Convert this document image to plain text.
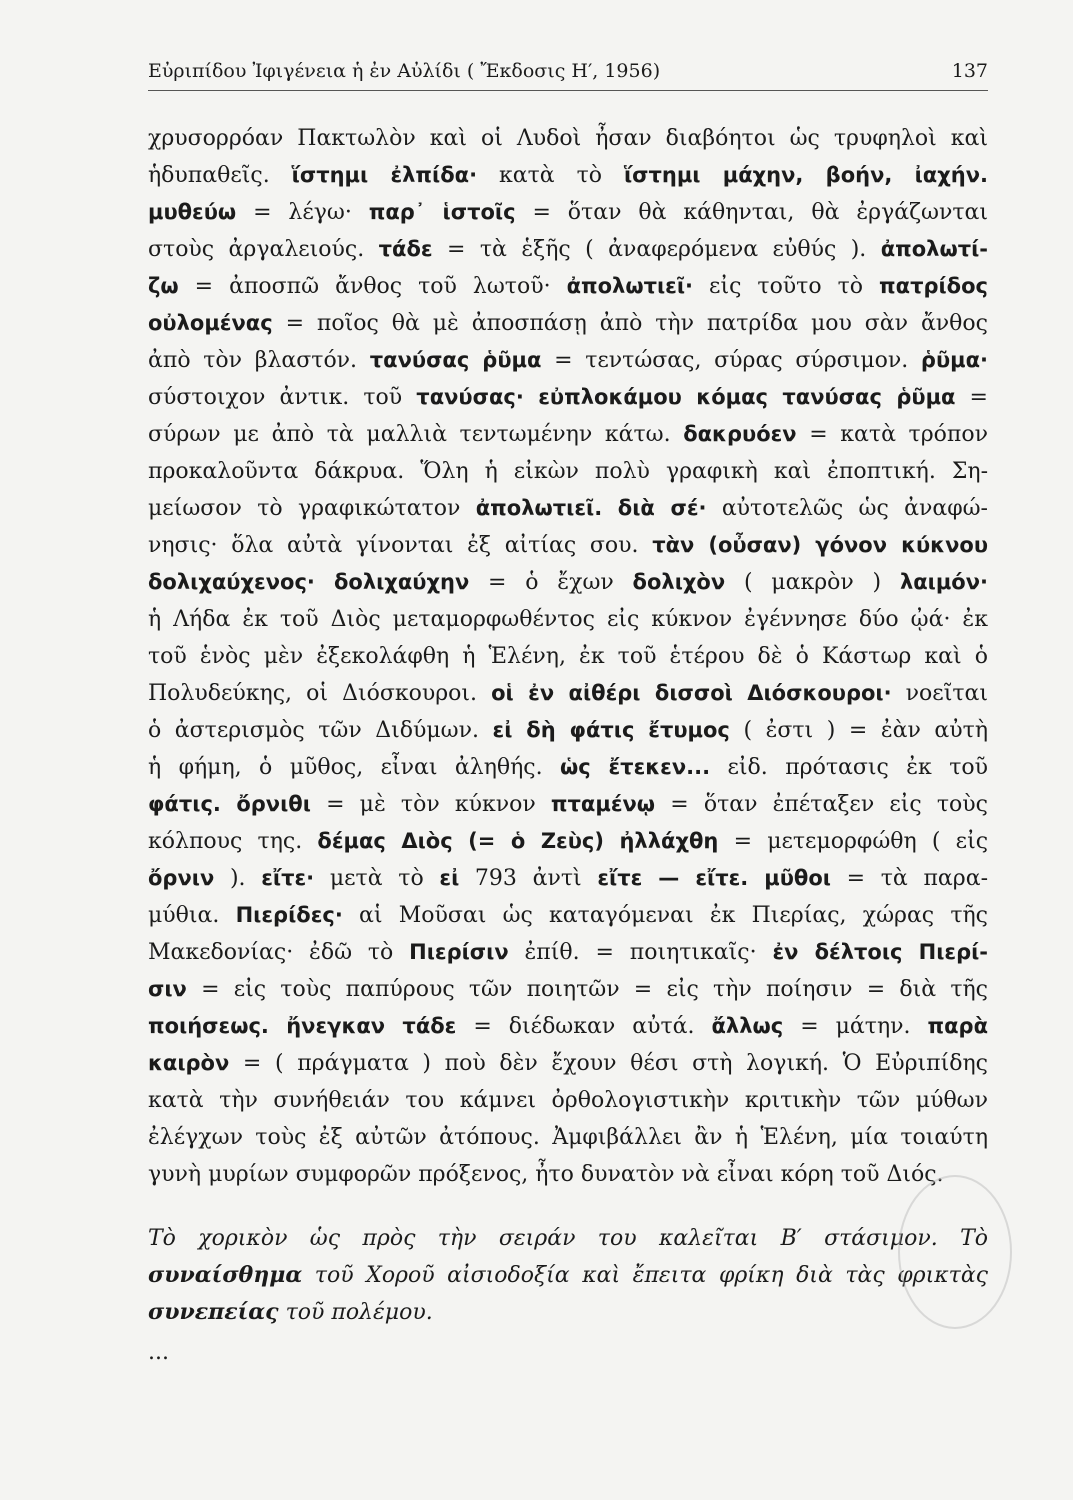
Εὐριπίδου Ἰφιγένεια ἡ ἐν Αὐλίδι ( Ἔκδοσις Η′, 1956)	137
χρυσορρόαν Πακτωλὸν καὶ οἱ Λυδοὶ ἦσαν διαβόητοι ὡς τρυφηλοὶ καὶ
ἡδυπαθεῖς. ἵστημι ἐλπίδα· κατὰ τὸ ἵστημι μάχην, βοήν, ἰαχήν.
μυθεύω = λέγω· παρ᾽ ἱστοῖς = ὅταν θὰ κάθηνται, θὰ ἐργάζωνται
στοὺς ἀργαλειούς. τάδε = τὰ ἑξῆς ( ἀναφερόμενα εὐθύς ). ἀπολωτί-
ζω = ἀποσπῶ ἄνθος τοῦ λωτοῦ· ἀπολωτιεῖ· εἰς τοῦτο τὸ πατρίδος
οὐλομένας = ποῖος θὰ μὲ ἀποσπάσῃ ἀπὸ τὴν πατρίδα μου σὰν ἄνθος
ἀπὸ τὸν βλαστόν. τανύσας ῥῦμα = τεντώσας, σύρας σύρσιμον. ῥῦμα·
σύστοιχον ἀντικ. τοῦ τανύσας· εὐπλοκάμου κόμας τανύσας ῥῦμα =
σύρων με ἀπὸ τὰ μαλλιὰ τεντωμένην κάτω. δακρυόεν = κατὰ τρόπον
προκαλοῦντα δάκρυα. Ὅλη ἡ εἰκὼν πολὺ γραφικὴ καὶ ἐποπτική. Ση-
μείωσον τὸ γραφικώτατον ἀπολωτιεῖ. διὰ σέ· αὐτοτελῶς ὡς ἀναφώ-
νησις· ὅλα αὐτὰ γίνονται ἐξ αἰτίας σου. τὰν (οὖσαν) γόνον κύκνου
δολιχαύχενος· δολιχαύχην = ὁ ἔχων δολιχὸν ( μακρὸν ) λαιμόν·
ἡ Λήδα ἐκ τοῦ Διὸς μεταμορφωθέντος εἰς κύκνον ἐγέννησε δύο ᾠά· ἐκ
τοῦ ἑνὸς μὲν ἐξεκολάφθη ἡ Ἑλένη, ἐκ τοῦ ἑτέρου δὲ ὁ Κάστωρ καὶ ὁ
Πολυδεύκης, οἱ Διόσκουροι. οἱ ἐν αἰθέρι δισσοὶ Διόσκουροι· νοεῖται
ὁ ἀστερισμὸς τῶν Διδύμων. εἰ δὴ φάτις ἔτυμος ( ἐστι ) = ἐὰν αὐτὴ
ἡ φήμη, ὁ μῦθος, εἶναι ἀληθής. ὡς ἔτεκεν... εἰδ. πρότασις ἐκ τοῦ
φάτις. ὄρνιθι = μὲ τὸν κύκνον πταμένῳ = ὅταν ἐπέταξεν εἰς τοὺς
κόλπους της. δέμας Διὸς (= ὁ Ζεὺς) ἠλλάχθη = μετεμορφώθη ( εἰς
ὄρνιν ). εἴτε· μετὰ τὸ εἰ 793 ἀντὶ εἴτε — εἴτε. μῦθοι = τὰ παρα-
μύθια. Πιερίδες· αἱ Μοῦσαι ὡς καταγόμεναι ἐκ Πιερίας, χώρας τῆς
Μακεδονίας· ἐδῶ τὸ Πιερίσιν ἐπίθ. = ποιητικαῖς· ἐν δέλτοις Πιερί-
σιν = εἰς τοὺς παπύρους τῶν ποιητῶν = εἰς τὴν ποίησιν = διὰ τῆς
ποιήσεως. ἤνεγκαν τάδε = διέδωκαν αὐτά. ἄλλως = μάτην. παρὰ
καιρὸν = ( πράγματα ) ποὺ δὲν ἔχουν θέσι στὴ λογική. Ὁ Εὐριπίδης
κατὰ τὴν συνήθειάν του κάμνει ὀρθολογιστικὴν κριτικὴν τῶν μύθων
ἐλέγχων τοὺς ἐξ αὐτῶν ἀτόπους. Ἀμφιβάλλει ἂν ἡ Ἑλένη, μία τοιαύτη
γυνὴ μυρίων συμφορῶν πρόξενος, ἦτο δυνατὸν νὰ εἶναι κόρη τοῦ Διός.
Τὸ χορικὸν ὡς πρὸς τὴν σειράν του καλεῖται Β′ στάσιμον. Τὸ
συναίσθημα τοῦ Χοροῦ αἰσιοδοξία καὶ ἔπειτα φρίκη διὰ τὰς φρικτὰς
συνεπείας τοῦ πολέμου.
...
